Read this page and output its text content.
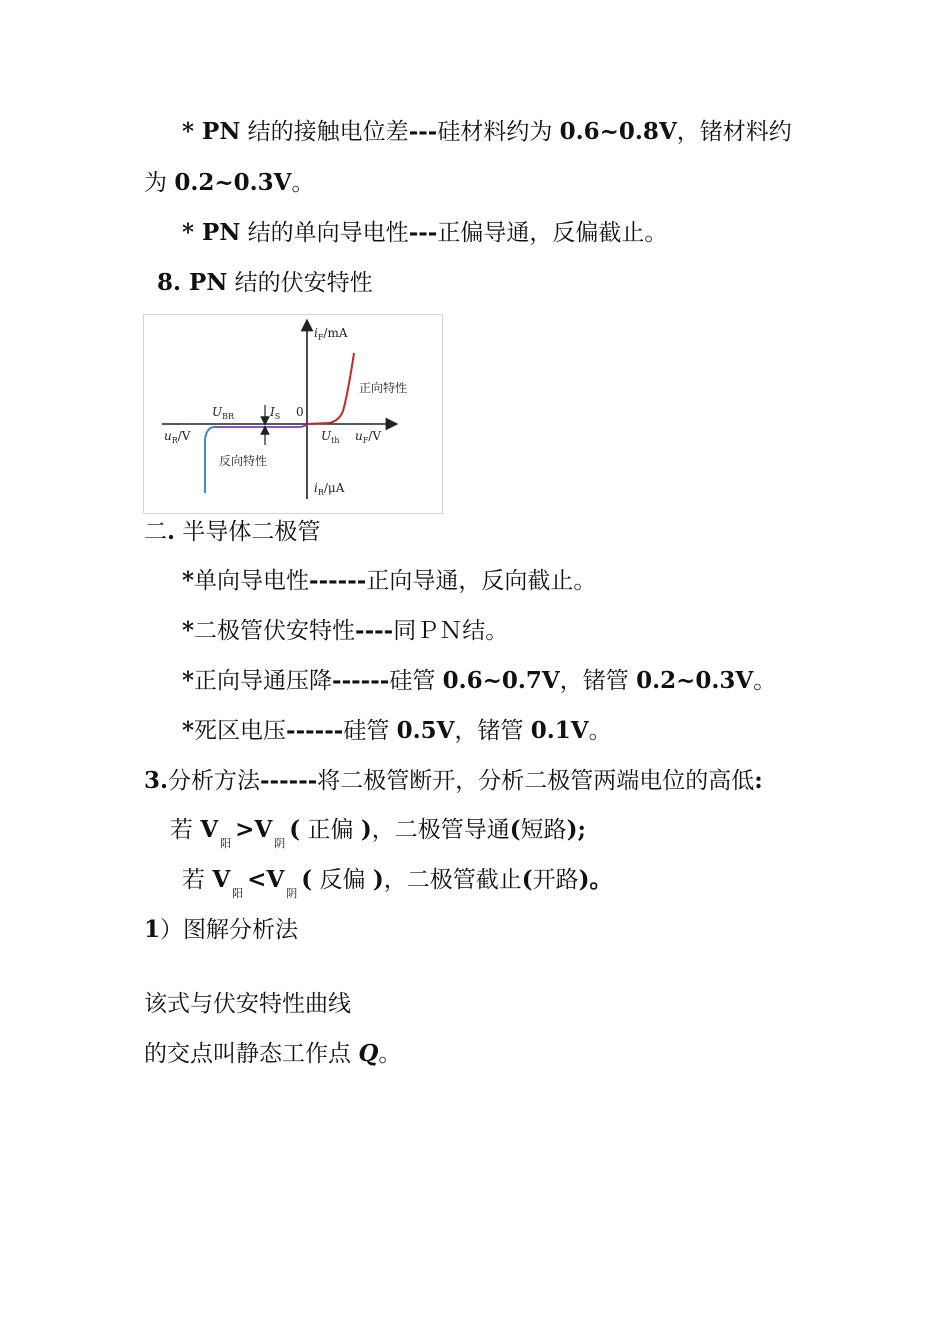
* PN 结的接触电位差---硅材料约为 0.6~0.8V，锗材料约
为 0.2~0.3V。
* PN 结的单向导电性---正偏导通，反偏截止。
8. PN 结的伏安特性
$i_F/mA$
正向特性
$U_{BR}$	$I_S$ 0
$u_R/V$	$U_{th}$ $u_F/V$
反向特性
$i_R/\mu A$
二. 半导体二极管
*单向导电性------正向导通，反向截止。
*二极管伏安特性----同ＰＮ结。
*正向导通压降------硅管 0.6~0.7V，锗管 0.2~0.3V。
*死区电压------硅管 0.5V，锗管 0.1V。
3.分析方法------将二极管断开，分析二极管两端电位的高低:
若 $V_阳>V_阴$( 正偏 )，二极管导通(短路);
若 $V_阳<V_阴$( 反偏 )，二极管截止(开路)。
1）图解分析法
该式与伏安特性曲线
的交点叫静态工作点 Q。
